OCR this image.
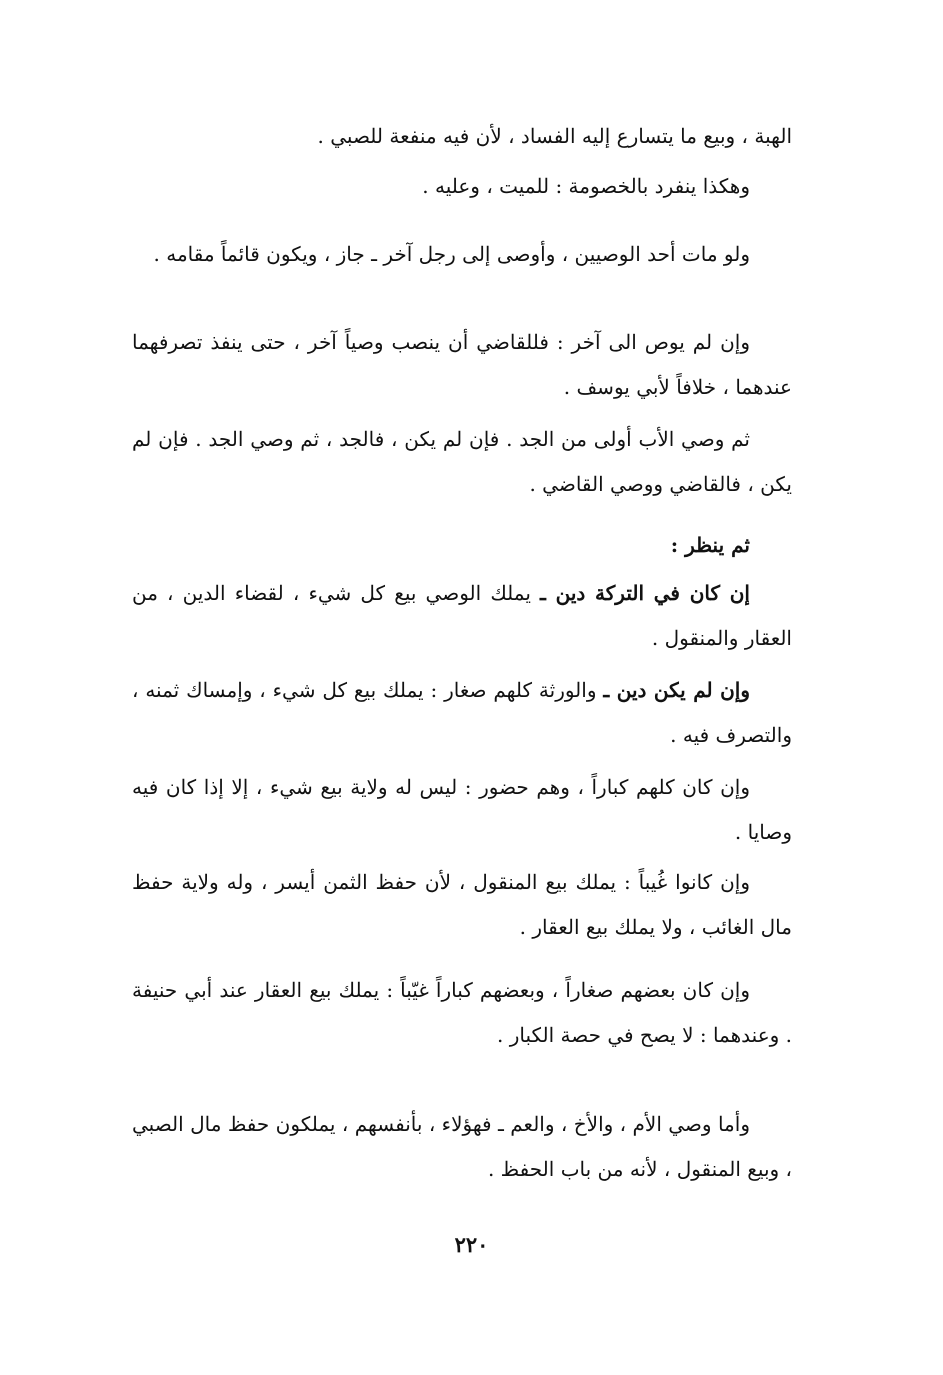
الهبة ، وبيع ما يتسارع إليه الفساد ، لأن فيه منفعة للصبي .

وهكذا ينفرد بالخصومة : للميت ، وعليه .

ولو مات أحد الوصيين ، وأوصى إلى رجل آخر ـ جاز ، ويكون قائماً مقامه .

وإن لم يوص الى آخر : فللقاضي أن ينصب وصياً آخر ، حتى ينفذ تصرفهما عندهما ، خلافاً لأبي يوسف .

ثم وصي الأب أولى من الجد . فإن لم يكن ، فالجد ، ثم وصي الجد . فإن لم يكن ، فالقاضي ووصي القاضي .

ثم ينظر :

إن كان في التركة دين ـ يملك الوصي بيع كل شيء ، لقضاء الدين ، من العقار والمنقول .

وإن لم يكن دين ـ والورثة كلهم صغار : يملك بيع كل شيء ، وإمساك ثمنه ، والتصرف فيه .

وإن كان كلهم كباراً ، وهم حضور : ليس له ولاية بيع شيء ، إلا إذا كان فيه وصايا .

وإن كانوا غُيباً : يملك بيع المنقول ، لأن حفظ الثمن أيسر ، وله ولاية حفظ مال الغائب ، ولا يملك بيع العقار .

وإن كان بعضهم صغاراً ، وبعضهم كباراً غيّباً : يملك بيع العقار عند أبي حنيفة . وعندهما : لا يصح في حصة الكبار .

وأما وصي الأم ، والأخ ، والعم ـ فهؤلاء ، بأنفسهم ، يملكون حفظ مال الصبي ، وبيع المنقول ، لأنه من باب الحفظ .

٢٢٠
